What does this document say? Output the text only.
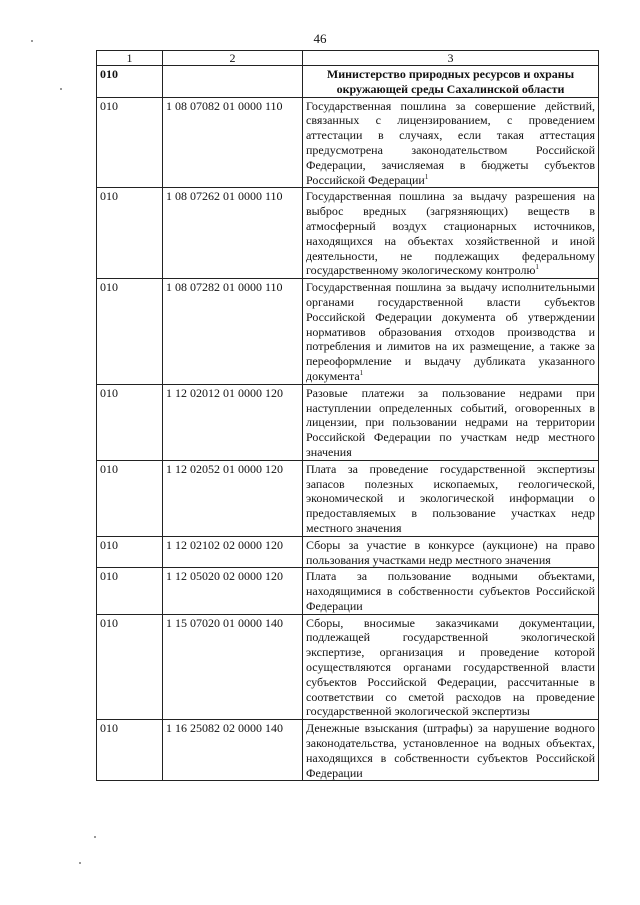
46
1	2	3
010		Министерство природных ресурсов и охраны окружающей среды Сахалинской области
010	1 08 07082 01 0000 110	Государственная пошлина за совершение действий, связанных с лицензированием, с проведением аттестации в случаях, если такая аттестация предусмотрена законодательством Российской Федерации, зачисляемая в бюджеты субъектов Российской Федерации$^1$
010	1 08 07262 01 0000 110	Государственная пошлина за выдачу разрешения на выброс вредных (загрязняющих) веществ в атмосферный воздух стационарных источников, находящихся на объектах хозяйственной и иной деятельности, не подлежащих федеральному государственному экологическому контролю$^1$
010	1 08 07282 01 0000 110	Государственная пошлина за выдачу исполнительными органами государственной власти субъектов Российской Федерации документа об утверждении нормативов образования отходов производства и потребления и лимитов на их размещение, а также за переоформление и выдачу дубликата указанного документа$^1$
010	1 12 02012 01 0000 120	Разовые платежи за пользование недрами при наступлении определенных событий, оговоренных в лицензии, при пользовании недрами на территории Российской Федерации по участкам недр местного значения
010	1 12 02052 01 0000 120	Плата за проведение государственной экспертизы запасов полезных ископаемых, геологической, экономической и экологической информации о предоставляемых в пользование участках недр местного значения
010	1 12 02102 02 0000 120	Сборы за участие в конкурсе (аукционе) на право пользования участками недр местного значения
010	1 12 05020 02 0000 120	Плата за пользование водными объектами, находящимися в собственности субъектов Российской Федерации
010	1 15 07020 01 0000 140	Сборы, вносимые заказчиками документации, подлежащей государственной экологической экспертизе, организация и проведение которой осуществляются органами государственной власти субъектов Российской Федерации, рассчитанные в соответствии со сметой расходов на проведение государственной экологической экспертизы
010	1 16 25082 02 0000 140	Денежные взыскания (штрафы) за нарушение водного законодательства, установленное на водных объектах, находящихся в собственности субъектов Российской Федерации
